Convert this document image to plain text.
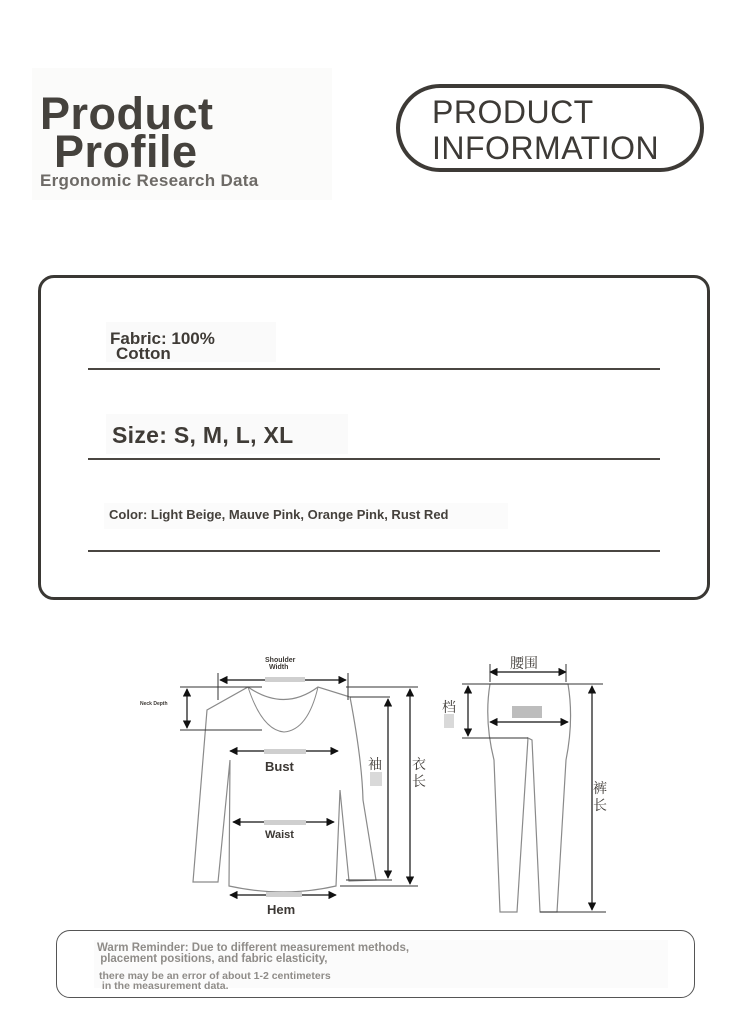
Product
Profile
Ergonomic Research Data
PRODUCT
INFORMATION
Fabric: 100%
Cotton
Size: S, M, L, XL
Color: Light Beige, Mauve Pink, Orange Pink, Rust Red
Shoulder
Width
Neck Depth
Bust
Waist
Hem
袖 衣
长
腰围
档
裤
长
Warm Reminder: Due to different measurement methods,
placement positions, and fabric elasticity,
there may be an error of about 1-2 centimeters
in the measurement data.
